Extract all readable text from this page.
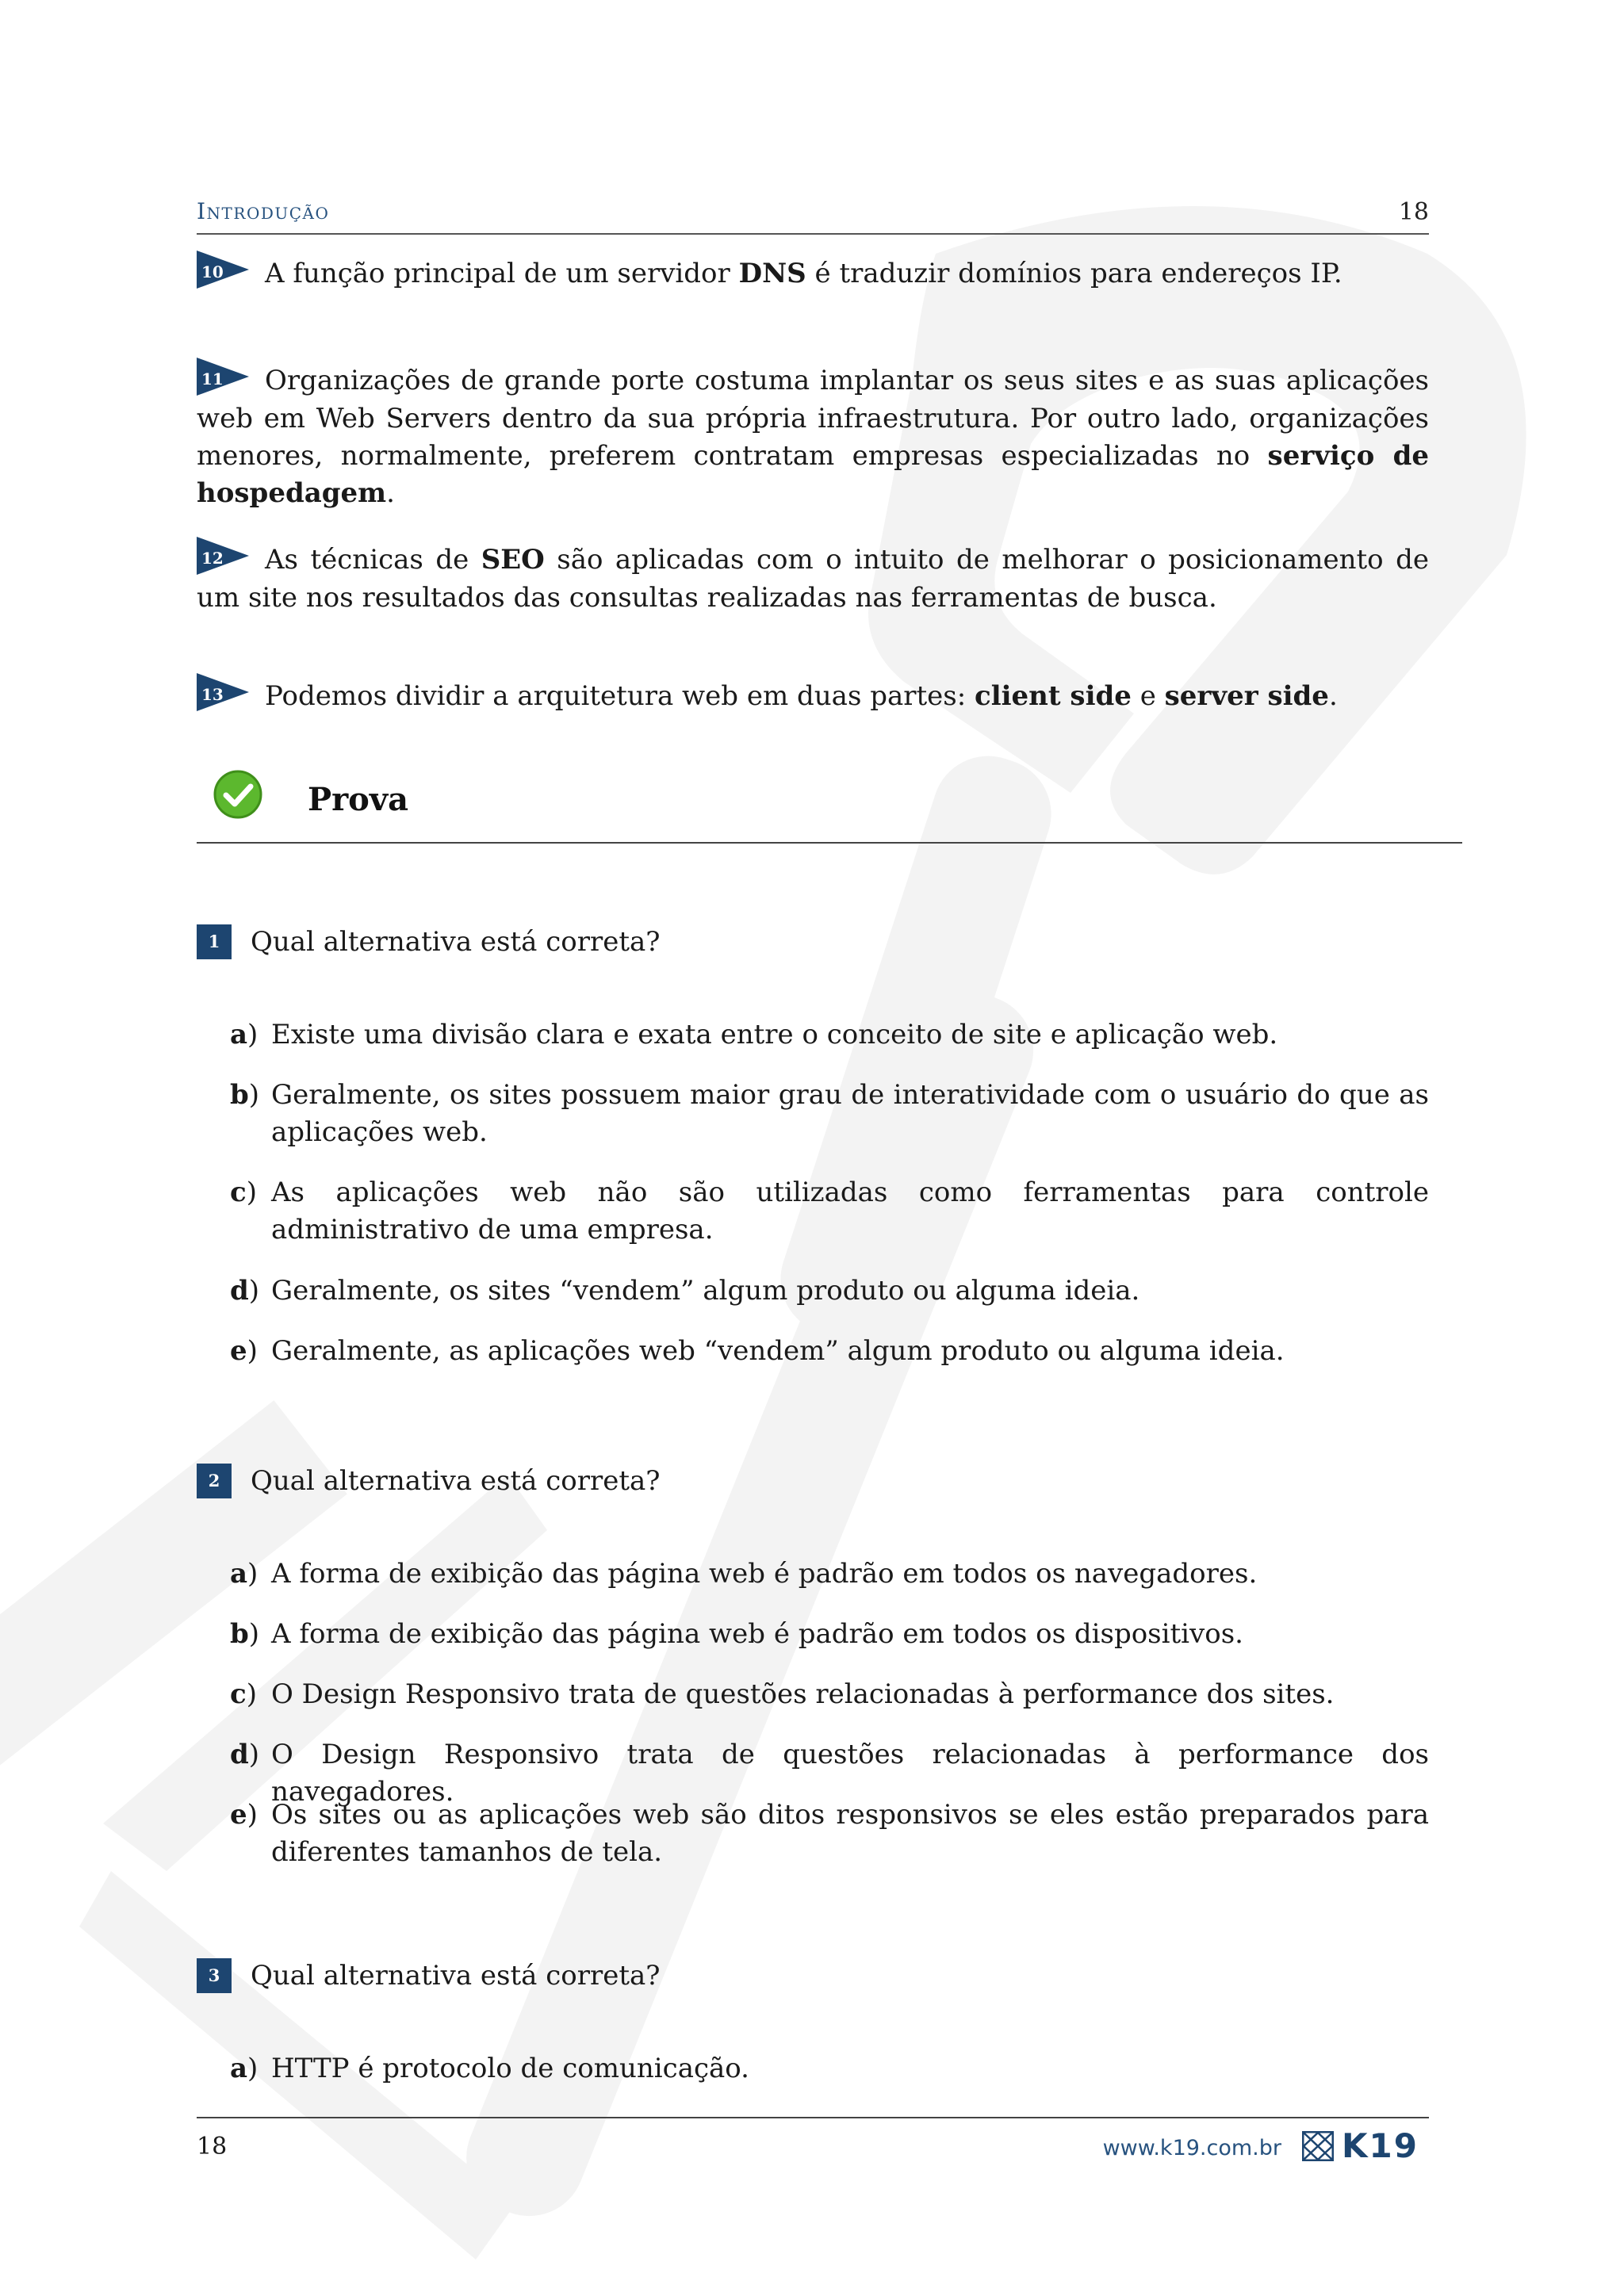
Introdução	18
10 A função principal de um servidor DNS é traduzir domínios para endereços IP.
11 Organizações de grande porte costuma implantar os seus sites e as suas aplicações web em Web Servers dentro da sua própria infraestrutura. Por outro lado, organizações menores, normalmente, preferem contratam empresas especializadas no serviço de hospedagem.
12 As técnicas de SEO são aplicadas com o intuito de melhorar o posicionamento de um site nos resultados das consultas realizadas nas ferramentas de busca.
13 Podemos dividir a arquitetura web em duas partes: client side e server side.
Prova
1 Qual alternativa está correta?
a) Existe uma divisão clara e exata entre o conceito de site e aplicação web.
b) Geralmente, os sites possuem maior grau de interatividade com o usuário do que as aplicações web.
c) As aplicações web não são utilizadas como ferramentas para controle administrativo de uma empresa.
d) Geralmente, os sites “vendem” algum produto ou alguma ideia.
e) Geralmente, as aplicações web “vendem” algum produto ou alguma ideia.
2 Qual alternativa está correta?
a) A forma de exibição das página web é padrão em todos os navegadores.
b) A forma de exibição das página web é padrão em todos os dispositivos.
c) O Design Responsivo trata de questões relacionadas à performance dos sites.
d) O Design Responsivo trata de questões relacionadas à performance dos navegadores.
e) Os sites ou as aplicações web são ditos responsivos se eles estão preparados para diferentes tamanhos de tela.
3 Qual alternativa está correta?
a) HTTP é protocolo de comunicação.
18	www.k19.com.br K19
